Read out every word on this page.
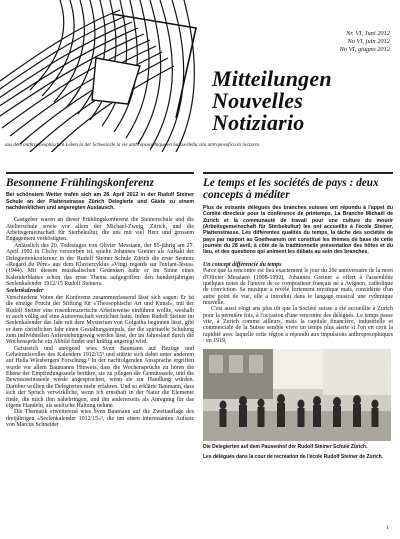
Nr. VI, Juni 2012
No VI, juin 2012
No VI, giugno 2012
Mitteilungen
Nouvelles
Notiziario
aus dem anthroposophischen Leben in der Schweiz/de la vie anthroposophique en Suisse/della vita antroposofica in Svizzera
Besonnene Frühlingskonferenz

Bei schönstem Wetter trafen sich am 28. April 2012 in der Rudolf Steiner Schule an der Plattenstrasse Zürich Delegierte und Gäste zu einem nachdenklichen und angeregten Austausch.

Gastgeber waren an dieser Frühlingskonferenz die Steinerschule und die Atelierschule sowie vor allem der Michael-Zweig, Zürich, und die Arbeitsgemeinschaft für Sterbekultur, die uns mit viel Herz und grossem Engagement verköstigten.

Anlässlich des 20. Todestages von Olivier Messiaen, der 85-jährig am 27. April 1992 in Clichy verstorben ist, spielte Johannes Greiner als Auftakt der Delegiertenkonferenz in der Rudolf Steiner Schule Zürich die erste Sentenz «Regard du Père» aus dem Klavierzyklus «Vingt regards sur l'enfant-Jésus» (1944). Mit diesem musikalischen Gedenken hatte er im Sinne eines Kalenderblattes schon das erste Thema aufgegriffen: den hundertjährigen Seelenkalender 1912/15 Rudolf Steiners.

Seelenkalender

Verschiedene Voten der Konferenz zusammenfassend lässt sich sagen: Er ist die einzige Frucht der Stiftung für «Theosophische Art und Kunst», mit der Rudolf Steiner eine rosenkreuzerische Arbeitsweise einführen wollte, weshalb er auch völlig auf eine Autorenschaft verzichtet hatte. Indem Rudolf Steiner im Seelenkalender das Jahr mit dem Mysterium von Golgatha beginnen lässt, gibt er dem christlichen Jahr einen Gestaltungsimpuls, der die spirituelle Schulung zum individuellen Auferstehungsweg werden lässt, der im Jahreslauf durch die Wochensprüche ein Abbild findet und kräftig angeregt wird.

Geistreich und anregend wies Sven Baumann auf Bezüge und Geheimnisvolles des Kalenders 1912/15¹ und stützte sich dabei unter anderem auf Hella Wiesbergers Forschung.² In der nachfolgenden Aussprache ergriffen wurde vor allem Baumanns Hinweis, dass die Wochensprüche zu hören die Ebene der Empfindungsseele berühre, sie zu pflegen die Gemütsseele, und die Bewusstseinsseele werde angesprochen, wenn sie zur Handlung würden. Darüber wollten die Delegierten mehr erfahren. Und so erklärte Baumann, dass sich der Spruch verwirkliche, wenn ich ernsthaft in der Natur die Elemente finde, die mich ihm nahebringen, und ihn andererseits als Anregung für das eigene Handeln, als seelische Haltung nehme.

Die Thematik erweiterend wies Sven Baumann auf die Zweitauflage des dreijährigen «Seelenkalender 1912/15»³, die um einen interessanten Aufsatz von Marcus Schneider

Le temps et les sociétés de pays : deux concepts à méditer

Plus de soixante délégués des branches suisses ont répondu à l'appel du Comité directeur pour la conférence de printemps. La Branche Michaël de Zurich et la communauté de travail pour une culture du mourir (Arbeitsgemeinschaft für Sterbekultur) les ont accueillis à l'école Steiner, Plattenstrasse. Les différentes qualités du temps, la tâche des sociétés de pays par rapport au Goetheanum ont constitué les thèmes de base de cette journée du 28 avril, à côté de la traditionnelle présentation des hôtes et du lieu, et des questions qui animent les débats au sein des branches.

Un concept différencié du temps

Parce que la rencontre est lieu exactement le jour du 20e anniversaire de la mort d'Olivier Messiaen (1908-1992), Johannes Greiner a offert à l'assemblée quelques notes de l'œuvre de ce compositeur français né à Avignon, catholique de conviction. Sa musique a révélé fortement mystique mais, considérée d'un autre point de vue, elle a introduit dans le langage musical une rythmique nouvelle.

C'est aussi vingt ans plus tôt que la Société suisse a été accueillie à Zurich pour la première fois, à l'occasion d'une rencontre des délégués. Le temps passe vite, à Zurich comme ailleurs, mais la capitale financière, industrielle et commerciale de la Suisse semble vivre un temps plus alerte si l'on en croit la rapidité avec laquelle cette région a répondu aux impulsions anthroposophiques : en 1919,

Photo: Konstanze Brefin
Die Delegierten auf dem Pausenhof der Rudolf Steiner Schule Zürich.
Les délégués dans la cour de récréation de l'école Rudolf Steiner de Zurich.
1
